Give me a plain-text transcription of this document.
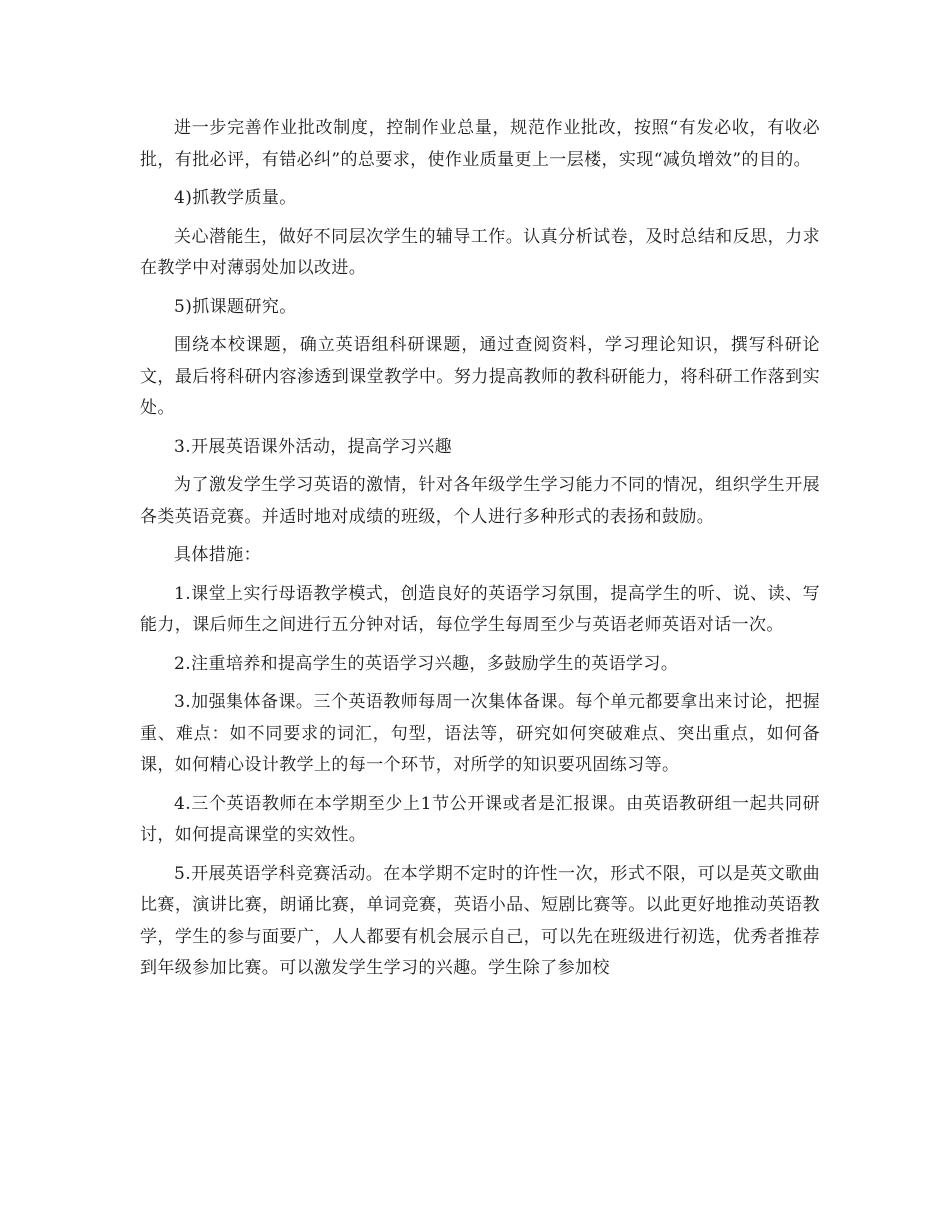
进一步完善作业批改制度，控制作业总量，规范作业批改，按照“有发必收，有收必批，有批必评，有错必纠”的总要求，使作业质量更上一层楼，实现“减负增效”的目的。

4)抓教学质量。

关心潜能生，做好不同层次学生的辅导工作。认真分析试卷，及时总结和反思，力求在教学中对薄弱处加以改进。

5)抓课题研究。

围绕本校课题，确立英语组科研课题，通过查阅资料，学习理论知识，撰写科研论文，最后将科研内容渗透到课堂教学中。努力提高教师的教科研能力，将科研工作落到实处。

3.开展英语课外活动，提高学习兴趣

为了激发学生学习英语的激情，针对各年级学生学习能力不同的情况，组织学生开展各类英语竞赛。并适时地对成绩的班级，个人进行多种形式的表扬和鼓励。

具体措施：

1.课堂上实行母语教学模式，创造良好的英语学习氛围，提高学生的听、说、读、写能力，课后师生之间进行五分钟对话，每位学生每周至少与英语老师英语对话一次。

2.注重培养和提高学生的英语学习兴趣，多鼓励学生的英语学习。

3.加强集体备课。三个英语教师每周一次集体备课。每个单元都要拿出来讨论，把握重、难点：如不同要求的词汇，句型，语法等，研究如何突破难点、突出重点，如何备课，如何精心设计教学上的每一个环节，对所学的知识要巩固练习等。

4.三个英语教师在本学期至少上1节公开课或者是汇报课。由英语教研组一起共同研讨，如何提高课堂的实效性。

5.开展英语学科竞赛活动。在本学期不定时的许性一次，形式不限，可以是英文歌曲比赛，演讲比赛，朗诵比赛，单词竞赛，英语小品、短剧比赛等。以此更好地推动英语教学，学生的参与面要广，人人都要有机会展示自己，可以先在班级进行初选，优秀者推荐到年级参加比赛。可以激发学生学习的兴趣。学生除了参加校
